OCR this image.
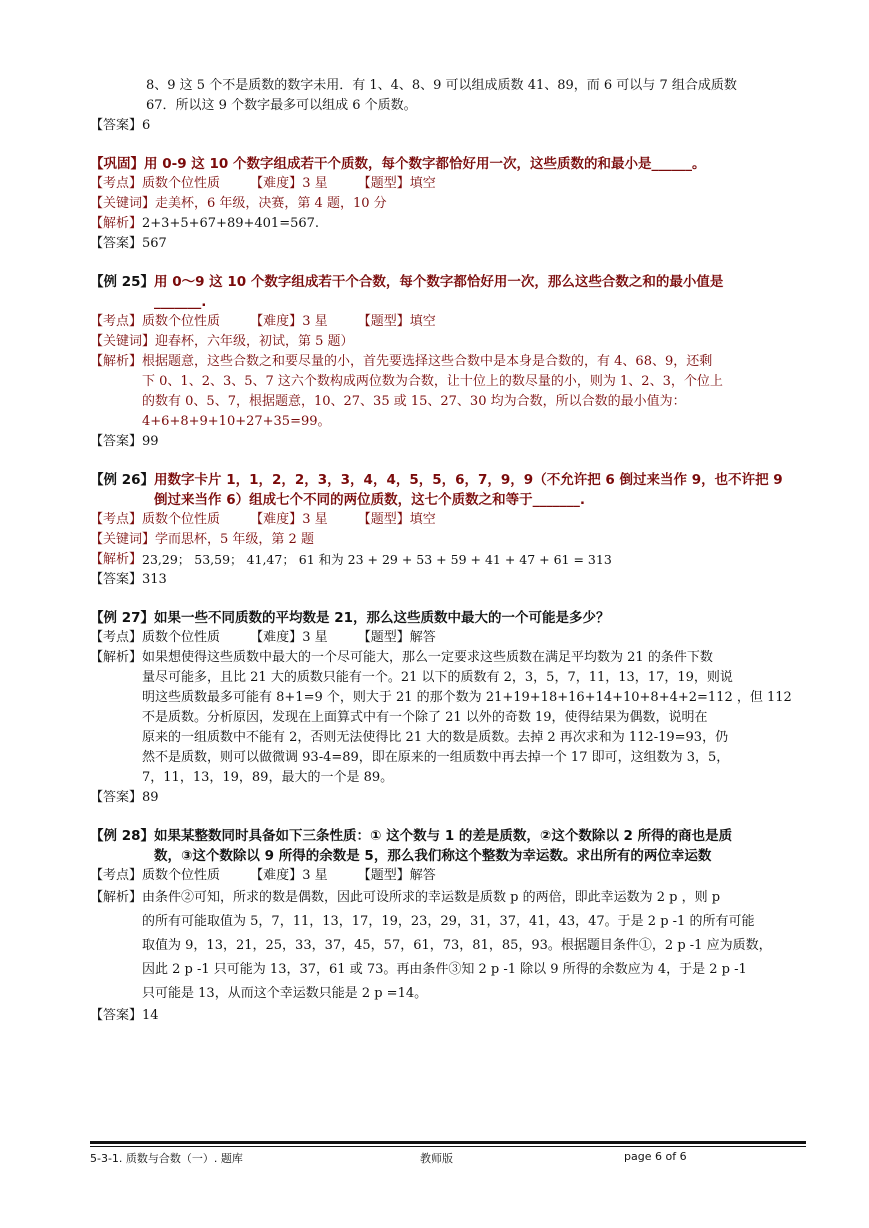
8、9 这 5 个不是质数的数字未用．有 1、4、8、9 可以组成质数 41、89，而 6 可以与 7 组合成质数
67．所以这 9 个数字最多可以组成 6 个质数。
【答案】 6
【巩固】 用 0-9 这 10 个数字组成若干个质数，每个数字都恰好用一次，这些质数的和最小是______。
【考点】质数个位性质 【难度】3 星 【题型】填空
【关键词】 走美杯，6 年级，决赛，第 4 题，10 分
【解析】 2+3+5+67+89+401=567.
【答案】 567
【例 25】 用 0～9 这 10 个数字组成若干个合数，每个数字都恰好用一次，那么这些合数之和的最小值是
_______.
【考点】质数个位性质 【难度】3 星 【题型】填空
【关键词】 迎春杯，六年级，初试，第 5 题）
【解析】 根据题意，这些合数之和要尽量的小，首先要选择这些合数中是本身是合数的，有 4、68、9，还剩
下 0、1、2、3、5、7 这六个数构成两位数为合数，让十位上的数尽量的小，则为 1、2、3，个位上
的数有 0、5、7，根据题意，10、27、35 或 15、27、30 均为合数，所以合数的最小值为：
4+6+8+9+10+27+35=99。
【答案】 99
【例 26】 用数字卡片 1，1，2，2，3，3，4，4，5，5，6，7，9，9（不允许把 6 倒过来当作 9，也不许把 9
倒过来当作 6）组成七个不同的两位质数，这七个质数之和等于_______.
【考点】质数个位性质 【难度】3 星 【题型】填空
【关键词】 学而思杯，5 年级，第 2 题
【解析】 23,29； 53,59； 41,47； 61 和为 23 + 29 + 53 + 59 + 41 + 47 + 61 = 313
【答案】 313
【例 27】 如果一些不同质数的平均数是 21，那么这些质数中最大的一个可能是多少？
【考点】质数个位性质 【难度】3 星 【题型】解答
【解析】 如果想使得这些质数中最大的一个尽可能大，那么一定要求这些质数在满足平均数为 21 的条件下数
量尽可能多，且比 21 大的质数只能有一个。21 以下的质数有 2，3，5，7，11，13，17，19，则说
明这些质数最多可能有 8+1=9 个，则大于 21 的那个数为 21+19+18+16+14+10+8+4+2=112 ，但 112
不是质数。分析原因，发现在上面算式中有一个除了 21 以外的奇数 19，使得结果为偶数，说明在
原来的一组质数中不能有 2，否则无法使得比 21 大的数是质数。去掉 2 再次求和为 112-19=93，仍
然不是质数，则可以做微调 93-4=89，即在原来的一组质数中再去掉一个 17 即可，这组数为 3，5，
7，11，13，19，89，最大的一个是 89。
【答案】 89
【例 28】 如果某整数同时具备如下三条性质：① 这个数与 1 的差是质数，②这个数除以 2 所得的商也是质
数，③这个数除以 9 所得的余数是 5，那么我们称这个整数为幸运数。求出所有的两位幸运数
【考点】质数个位性质 【难度】3 星 【题型】解答
【解析】 由条件②可知，所求的数是偶数，因此可设所求的幸运数是质数 p 的两倍，即此幸运数为 2 p ，则 p
的所有可能取值为 5，7，11，13，17，19，23，29，31，37，41，43，47。于是 2 p -1 的所有可能
取值为 9，13，21，25，33，37，45，57，61，73，81，85，93。根据题目条件①，2 p -1 应为质数，
因此 2 p -1 只可能为 13，37，61 或 73。再由条件③知 2 p -1 除以 9 所得的余数应为 4，于是 2 p -1
只可能是 13，从而这个幸运数只能是 2 p =14。
【答案】 14
5-3-1. 质数与合数（一）. 题库	教师版	page 6 of 6
